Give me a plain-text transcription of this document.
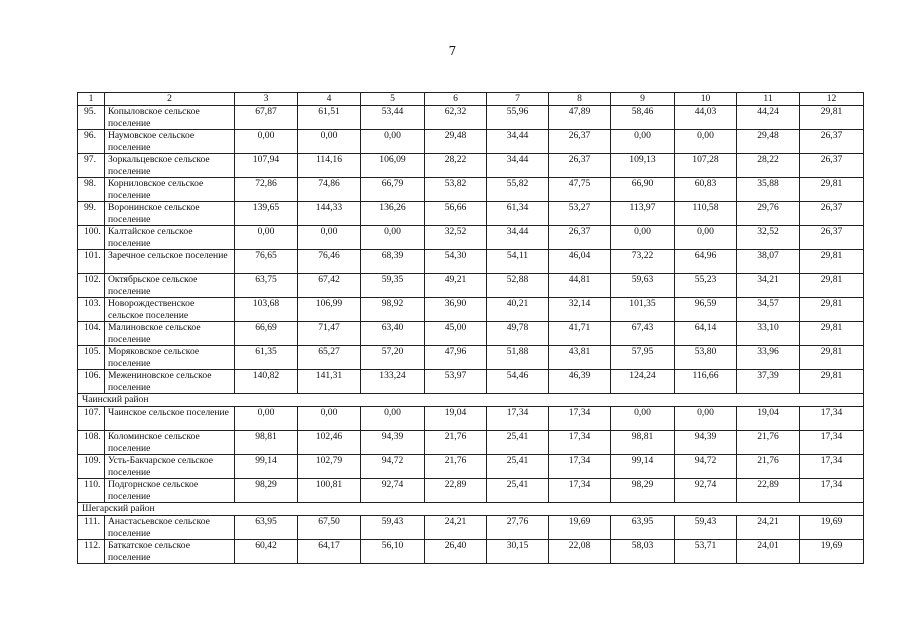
7
1	2	3	4	5	6	7	8	9	10	11	12
95.	Копыловское сельское поселение	67,87	61,51	53,44	62,32	55,96	47,89	58,46	44,03	44,24	29,81
96.	Наумовское сельское поселение	0,00	0,00	0,00	29,48	34,44	26,37	0,00	0,00	29,48	26,37
97.	Зоркальцевское сельское поселение	107,94	114,16	106,09	28,22	34,44	26,37	109,13	107,28	28,22	26,37
98.	Корниловское сельское поселение	72,86	74,86	66,79	53,82	55,82	47,75	66,90	60,83	35,88	29,81
99.	Воронинское сельское поселение	139,65	144,33	136,26	56,66	61,34	53,27	113,97	110,58	29,76	26,37
100.	Калтайское сельское поселение	0,00	0,00	0,00	32,52	34,44	26,37	0,00	0,00	32,52	26,37
101.	Заречное сельское поселение	76,65	76,46	68,39	54,30	54,11	46,04	73,22	64,96	38,07	29,81
102.	Октябрьское сельское поселение	63,75	67,42	59,35	49,21	52,88	44,81	59,63	55,23	34,21	29,81
103.	Новорождественское сельское поселение	103,68	106,99	98,92	36,90	40,21	32,14	101,35	96,59	34,57	29,81
104.	Малиновское сельское поселение	66,69	71,47	63,40	45,00	49,78	41,71	67,43	64,14	33,10	29,81
105.	Моряковское сельское поселение	61,35	65,27	57,20	47,96	51,88	43,81	57,95	53,80	33,96	29,81
106.	Межениновское сельское поселение	140,82	141,31	133,24	53,97	54,46	46,39	124,24	116,66	37,39	29,81
Чаинский район											
107.	Чаинское сельское поселение	0,00	0,00	0,00	19,04	17,34	17,34	0,00	0,00	19,04	17,34
108.	Коломинское сельское поселение	98,81	102,46	94,39	21,76	25,41	17,34	98,81	94,39	21,76	17,34
109.	Усть-Бакчарское сельское поселение	99,14	102,79	94,72	21,76	25,41	17,34	99,14	94,72	21,76	17,34
110.	Подгорнское сельское поселение	98,29	100,81	92,74	22,89	25,41	17,34	98,29	92,74	22,89	17,34
Шегарский район											
111.	Анастасьевское сельское поселение	63,95	67,50	59,43	24,21	27,76	19,69	63,95	59,43	24,21	19,69
112.	Баткатское сельское поселение	60,42	64,17	56,10	26,40	30,15	22,08	58,03	53,71	24,01	19,69
